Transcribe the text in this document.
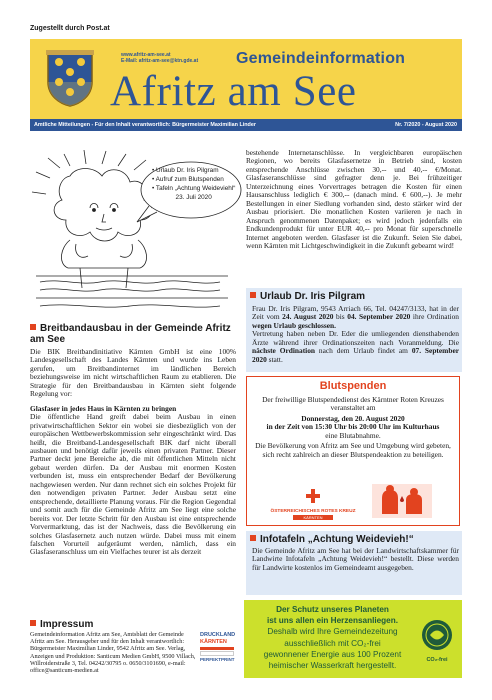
Zugestellt durch Post.at
www.afritz-am-see.at
E-Mail: afritz-am-see@ktn.gde.at Gemeindeinformation
Afritz am See
Amtliche Mitteilungen - Für den Inhalt verantwortlich: Bürgermeister Maximilian Linder	Nr. 7/2020 - August 2020
• Urlaub Dr. Iris Pilgram
• Aufruf zum Blutspenden
• Tafeln „Achtung Weideviehl“
23. Juli 2020
bestehende Internetanschlüsse. In vergleichbaren europäischen Regionen, wo bereits Glasfasernetze in Betrieb sind, kosten entsprechende Anschlüsse zwischen 30,-- und 40,-- €/Monat. Glasfaseranschlüsse sind gefragter denn je. Bei frühzeitiger Unterzeichnung eines Vorvertrages betragen die Kosten für einen Hausanschluss lediglich € 300,-- (danach mind. € 600,--). Je mehr Bestellungen in einer Siedlung vorhanden sind, desto stärker wird der Ausbau priorisiert. Die monatlichen Kosten variieren je nach in Anspruch genommenen Datenpaket; es wird jedoch jedenfalls ein Endkundenprodukt für unter EUR 40,-- pro Monat für superschnelle Internet angeboten werden. Glasfaser ist die Zukunft. Seien Sie dabei, wenn Kärnten mit Lichtgeschwindigkeit in die Zukunft gebeamt wird!
Urlaub Dr. Iris Pilgram
Frau Dr. Iris Pilgram, 9543 Arriach 66, Tel. 04247/3133, hat in der Zeit vom 24. August 2020 bis 04. September 2020 ihre Ordination wegen Urlaub geschlossen.
Vertretung haben neben Dr. Eder die umliegenden diensthabenden Ärzte während ihrer Ordinationszeiten nach Voranmeldung. Die nächste Ordination nach dem Urlaub findet am 07. September 2020 statt.
Blutspenden

Der freiwillige Blutspendedienst des Kärntner Roten Kreuzes veranstaltet am

Donnerstag, den 20. August 2020

in der Zeit von 15:30 Uhr bis 20:00 Uhr im Kulturhaus

eine Blutabnahme.

Die Bevölkerung von Afritz am See und Umgebung wird gebeten, sich recht zahlreich an dieser Blutspendeaktion zu beteiligen.

ÖSTERREICHISCHES ROTES KREUZ
KÄRNTEN
Infotafeln „Achtung Weidevieh!“
Die Gemeinde Afritz am See hat bei der Landwirtschaftskammer für Landwirte Infotafeln „Achtung Weidevieh!“ bestellt. Diese werden für Landwirte kostenlos im Gemeindeamt ausgegeben.
Der Schutz unseres Planeten
ist uns allen ein Herzensanliegen.
Deshalb wird Ihre Gemeindezeitung
ausschließlich mit CO₂-frei
gewonnener Energie aus 100 Prozent
heimischer Wasserkraft hergestellt.
CO₂-frei
Breitbandausbau in der Gemeinde Afritz am See

Die BIK Breitbandinitiative Kärnten GmbH ist eine 100% Landesgesellschaft des Landes Kärnten und wurde ins Leben gerufen, um Breitbandinternet im ländlichen Bereich beziehungsweise im nicht wirtschaftlichen Raum zu etablieren. Die Strategie für den Breitbandausbau in Kärnten sieht folgende Regelung vor:

Glasfaser in jedes Haus in Kärnten zu bringen

Die öffentliche Hand greift dabei beim Ausbau in einen privatwirtschaftlichen Sektor ein wobei sie diesbezüglich von der europäischen Wettbewerbskommission sehr eingeschränkt wird. Das heißt, die Breitband-Landesgesellschaft BIK darf nicht überall ausbauen und benötigt dafür jeweils einen privaten Partner. Dieser Partner deckt jene Bereiche ab, die mit öffentlichen Mitteln nicht gebaut werden dürfen. Da der Ausbau mit enormen Kosten verbunden ist, muss ein entsprechender Bedarf der Bevölkerung nachgewiesen werden. Nur dann rechnet sich ein solches Projekt für den notwendigen privaten Partner. Jeder Ausbau setzt eine entsprechende, detaillierte Planung voraus. Für die Region Gegendtal und somit auch für die Gemeinde Afritz am See liegt eine solche bereits vor. Der letzte Schritt für den Ausbau ist eine entsprechende Vorvermarktung, das ist der Nachweis, dass die Bevölkerung ein solches Glasfasernetz auch nutzen würde. Dabei muss mit einem falschen Vorurteil aufgeräumt werden, nämlich, dass ein Glasfaseranschluss um ein Vielfaches teurer ist als derzeit

Impressum
Gemeindeinformation Afritz am See, Amtsblatt der Gemeinde Afritz am See. Herausgeber und für den Inhalt verantwortlich: Bürgermeister Maximilian Linder, 9542 Afritz am See. Verlag, Anzeigen und Produktion: Santicum Medien GmbH, 9500 Villach, Willroiderstraße 3, Tel. 04242/30795 o. 0650/3101690, e-mail: office@santicum-medien.at
DRUCKLAND
KÄRNTEN
PERFEKTPRINT
